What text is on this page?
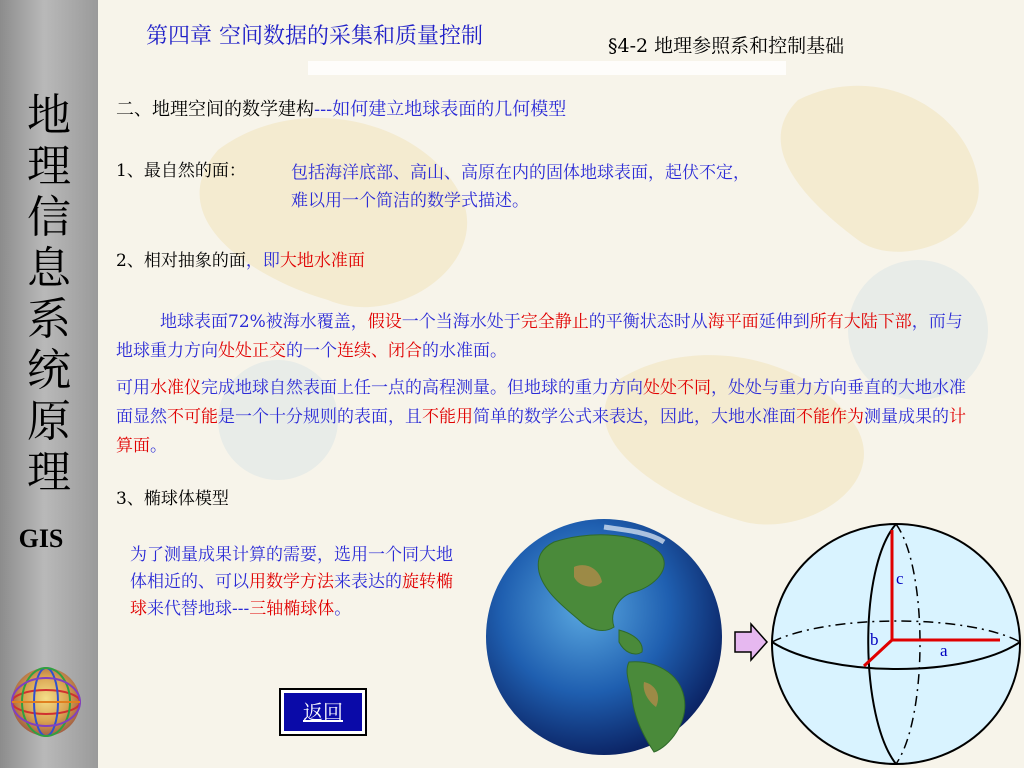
地
理
信
息
系
统
原
理
GIS
第四章 空间数据的采集和质量控制	§4-2 地理参照系和控制基础
二、地理空间的数学建构---如何建立地球表面的几何模型
1、最自然的面：	包括海洋底部、高山、高原在内的固体地球表面，起伏不定，
难以用一个简洁的数学式描述。
2、相对抽象的面，即大地水准面
地球表面72%被海水覆盖，假设一个当海水处于完全静止的平衡状态时从海平面延伸到所有大陆下部，而与地球重力方向处处正交的一个连续、闭合的水准面。
可用水准仪完成地球自然表面上任一点的高程测量。但地球的重力方向处处不同，处处与重力方向垂直的大地水准面显然不可能是一个十分规则的表面，且不能用简单的数学公式来表达，因此，大地水准面不能作为测量成果的计算面。
3、椭球体模型
为了测量成果计算的需要，选用一个同大地体相近的、可以用数学方法来表达的旋转椭球来代替地球---三轴椭球体。
返回
c
a
b
